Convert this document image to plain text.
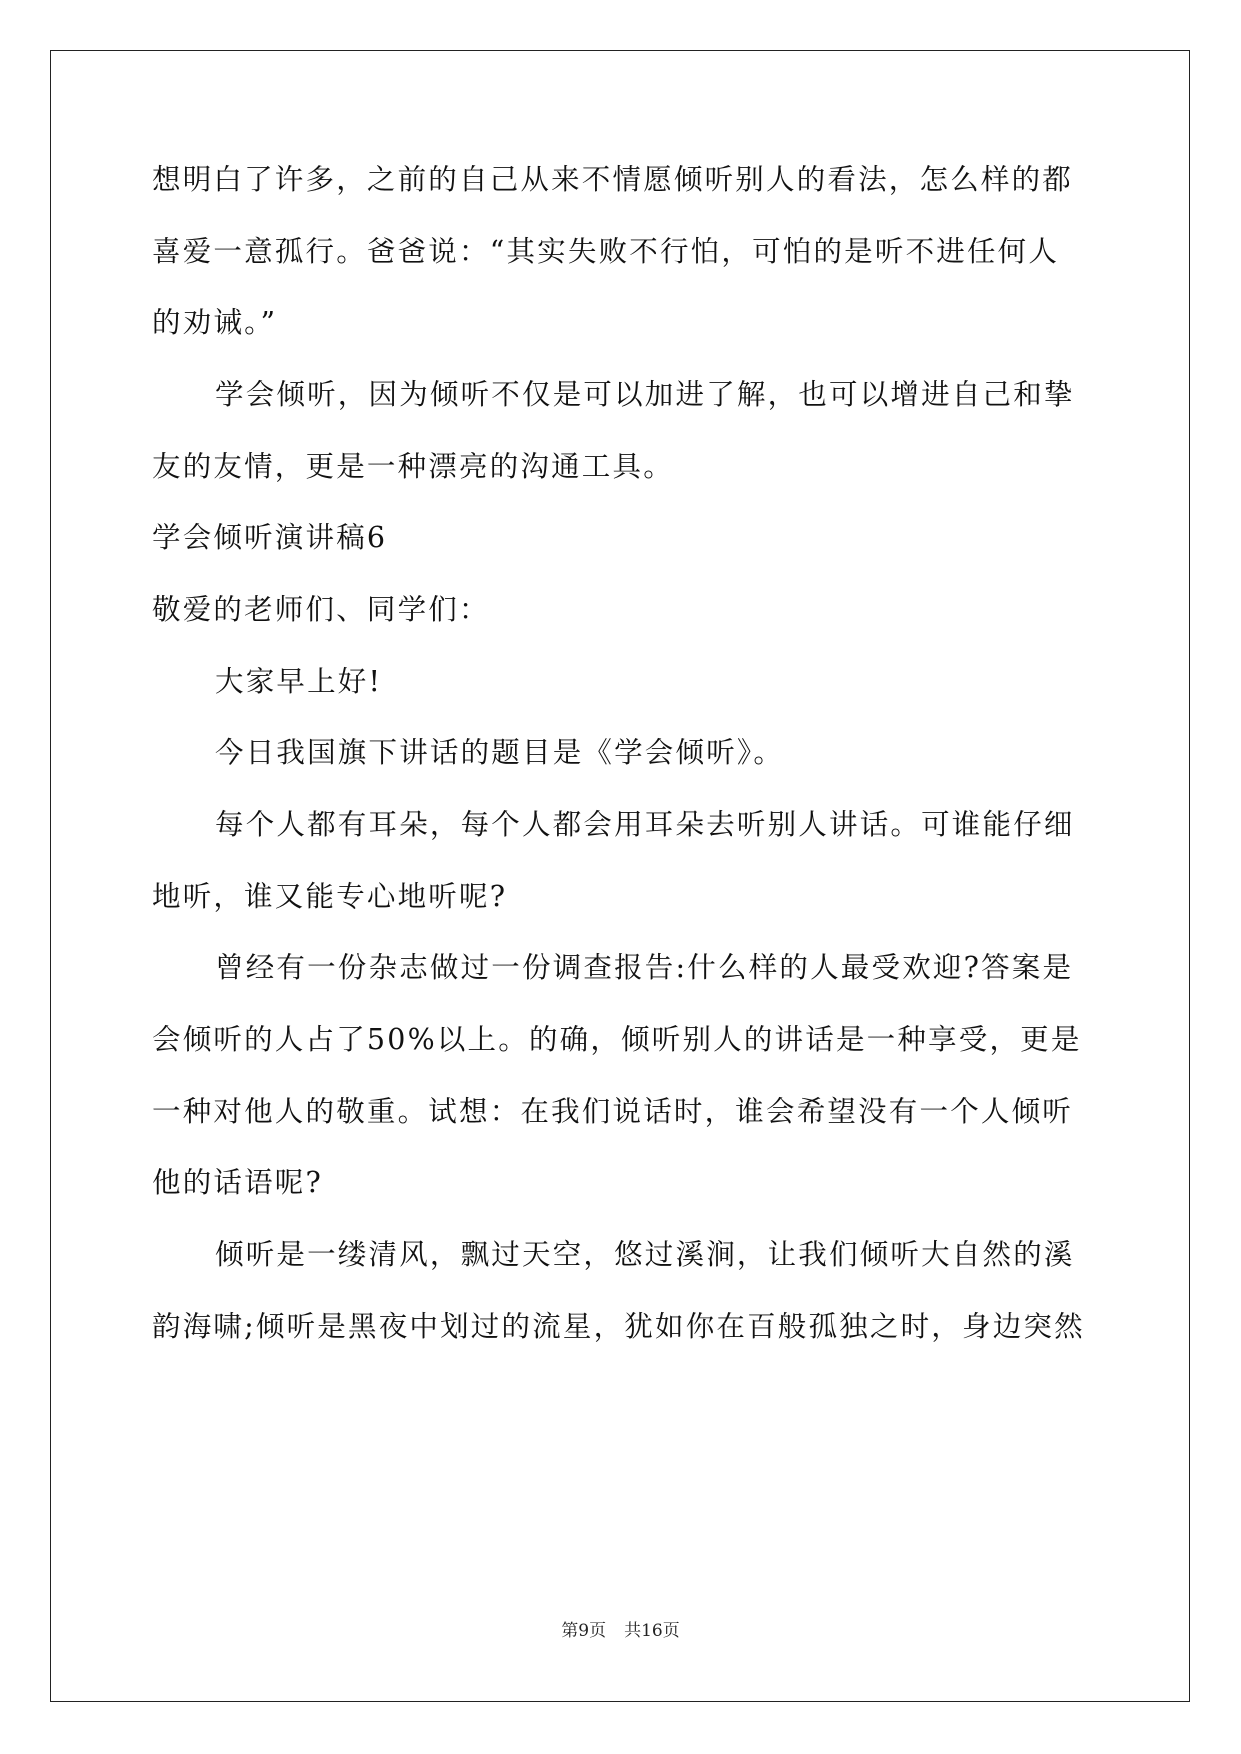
想明白了许多，之前的自己从来不情愿倾听别人的看法，怎么样的都
喜爱一意孤行。爸爸说：“其实失败不行怕，可怕的是听不进任何人
的劝诫。”
学会倾听，因为倾听不仅是可以加进了解，也可以增进自己和挚
友的友情，更是一种漂亮的沟通工具。
学会倾听演讲稿6
敬爱的老师们、同学们：
大家早上好!
今日我国旗下讲话的题目是《学会倾听》。
每个人都有耳朵，每个人都会用耳朵去听别人讲话。可谁能仔细
地听，谁又能专心地听呢?
曾经有一份杂志做过一份调查报告:什么样的人最受欢迎?答案是
会倾听的人占了50%以上。的确，倾听别人的讲话是一种享受，更是
一种对他人的敬重。试想：在我们说话时，谁会希望没有一个人倾听
他的话语呢?
倾听是一缕清风，飘过天空，悠过溪涧，让我们倾听大自然的溪
韵海啸;倾听是黑夜中划过的流星，犹如你在百般孤独之时，身边突然
第9页 共16页
